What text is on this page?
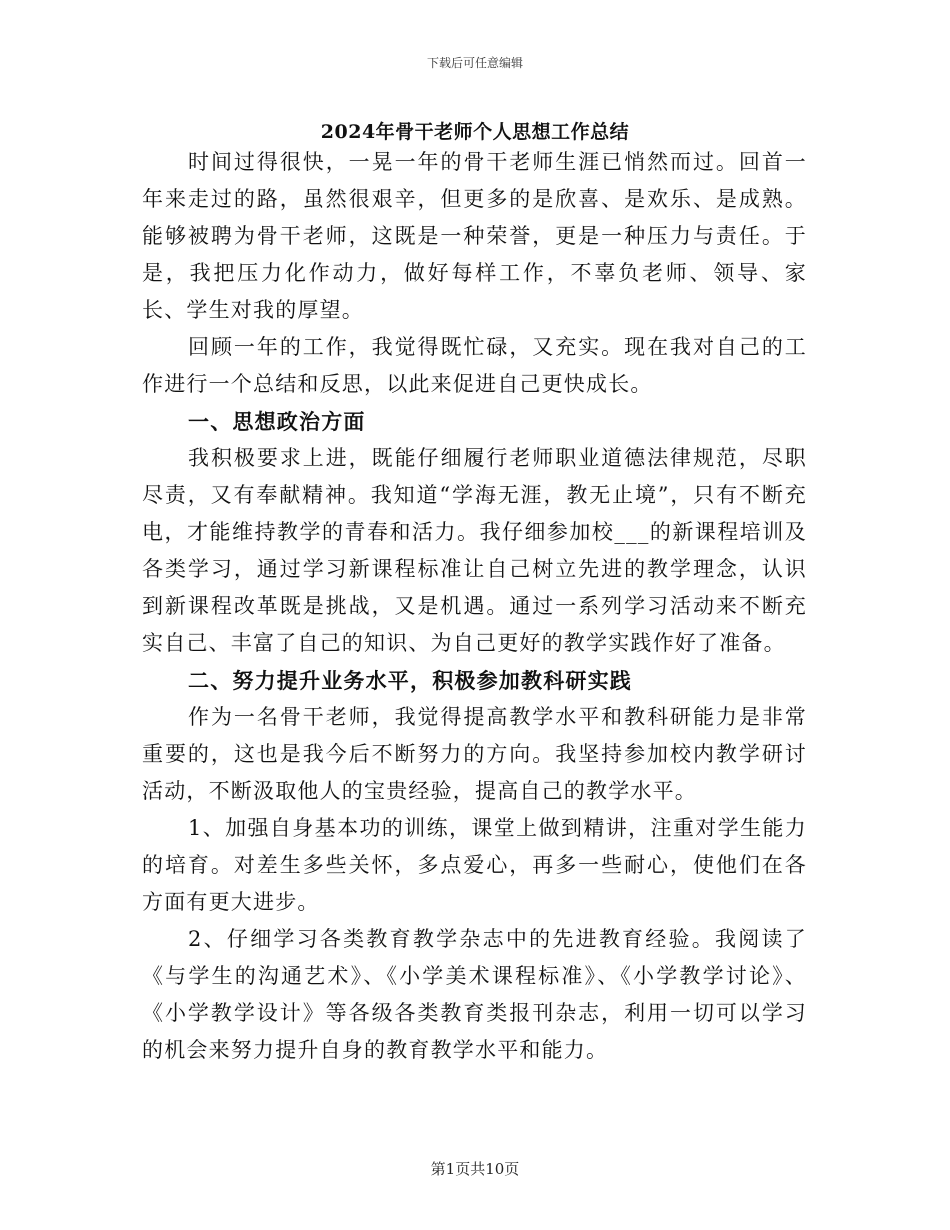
下载后可任意编辑
2024年骨干老师个人思想工作总结

时间过得很快，一晃一年的骨干老师生涯已悄然而过。回首一年来走过的路，虽然很艰辛，但更多的是欣喜、是欢乐、是成熟。能够被聘为骨干老师，这既是一种荣誉，更是一种压力与责任。于是，我把压力化作动力，做好每样工作，不辜负老师、领导、家长、学生对我的厚望。

回顾一年的工作，我觉得既忙碌，又充实。现在我对自己的工作进行一个总结和反思，以此来促进自己更快成长。

一、思想政治方面

我积极要求上进，既能仔细履行老师职业道德法律规范，尽职尽责，又有奉献精神。我知道“学海无涯，教无止境”，只有不断充电，才能维持教学的青春和活力。我仔细参加校___的新课程培训及各类学习，通过学习新课程标准让自己树立先进的教学理念，认识到新课程改革既是挑战，又是机遇。通过一系列学习活动来不断充实自己、丰富了自己的知识、为自己更好的教学实践作好了准备。

二、努力提升业务水平，积极参加教科研实践

作为一名骨干老师，我觉得提高教学水平和教科研能力是非常重要的，这也是我今后不断努力的方向。我坚持参加校内教学研讨活动，不断汲取他人的宝贵经验，提高自己的教学水平。

1、加强自身基本功的训练，课堂上做到精讲，注重对学生能力的培育。对差生多些关怀，多点爱心，再多一些耐心，使他们在各方面有更大进步。

2、仔细学习各类教育教学杂志中的先进教育经验。我阅读了《与学生的沟通艺术》、《小学美术课程标准》、《小学教学讨论》、《小学教学设计》等各级各类教育类报刊杂志，利用一切可以学习的机会来努力提升自身的教育教学水平和能力。

第1页共10页
